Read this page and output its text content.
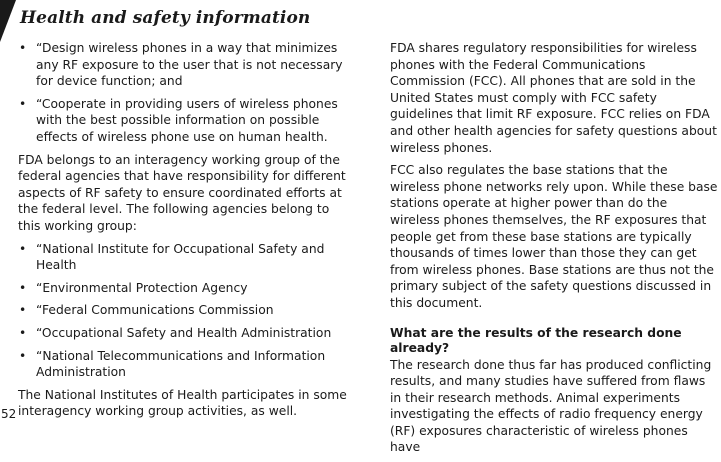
Health and safety information
• “Design wireless phones in a way that minimizes any RF exposure to the user that is not necessary for device function; and
• “Cooperate in providing users of wireless phones with the best possible information on possible effects of wireless phone use on human health.

FDA belongs to an interagency working group of the federal agencies that have responsibility for different aspects of RF safety to ensure coordinated efforts at the federal level. The following agencies belong to this working group:

• “National Institute for Occupational Safety and Health
• “Environmental Protection Agency
• “Federal Communications Commission
• “Occupational Safety and Health Administration
• “National Telecommunications and Information Administration

The National Institutes of Health participates in some interagency working group activities, as well.

FDA shares regulatory responsibilities for wireless phones with the Federal Communications Commission (FCC). All phones that are sold in the United States must comply with FCC safety guidelines that limit RF exposure. FCC relies on FDA and other health agencies for safety questions about wireless phones.

FCC also regulates the base stations that the wireless phone networks rely upon. While these base stations operate at higher power than do the wireless phones themselves, the RF exposures that people get from these base stations are typically thousands of times lower than those they can get from wireless phones. Base stations are thus not the primary subject of the safety questions discussed in this document.

What are the results of the research done already?

The research done thus far has produced conflicting results, and many studies have suffered from flaws in their research methods. Animal experiments investigating the effects of radio frequency energy (RF) exposures characteristic of wireless phones have

52
